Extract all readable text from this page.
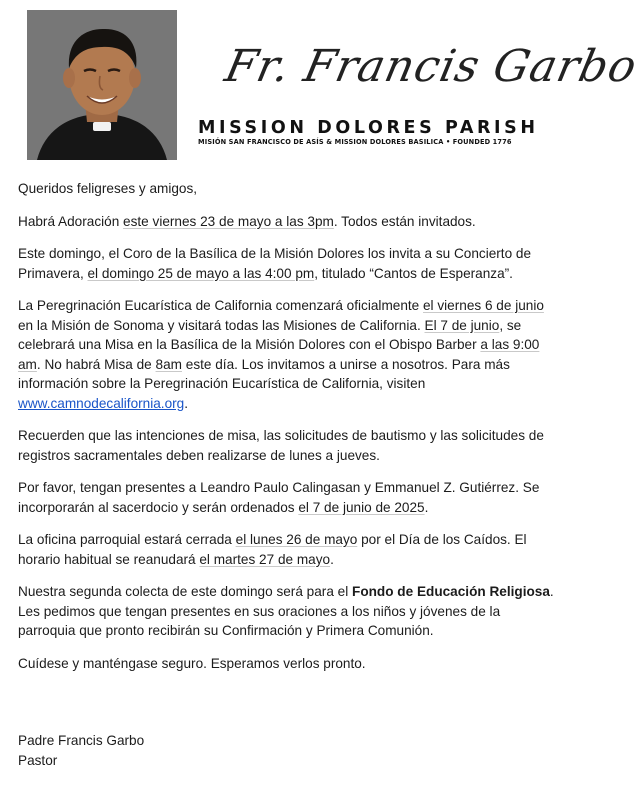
Fr. Francis Garbo
MISSION DOLORES PARISH
MISIÓN SAN FRANCISCO DE ASÍS & MISSION DOLORES BASILICA • FOUNDED 1776

Queridos feligreses y amigos,

Habrá Adoración este viernes 23 de mayo a las 3pm. Todos están invitados.

Este domingo, el Coro de la Basílica de la Misión Dolores los invita a su Concierto de Primavera, el domingo 25 de mayo a las 4:00 pm, titulado “Cantos de Esperanza”.

La Peregrinación Eucarística de California comenzará oficialmente el viernes 6 de junio en la Misión de Sonoma y visitará todas las Misiones de California. El 7 de junio, se celebrará una Misa en la Basílica de la Misión Dolores con el Obispo Barber a las 9:00 am. No habrá Misa de 8am este día. Los invitamos a unirse a nosotros. Para más información sobre la Peregrinación Eucarística de California, visiten www.camnodecalifornia.org.

Recuerden que las intenciones de misa, las solicitudes de bautismo y las solicitudes de registros sacramentales deben realizarse de lunes a jueves.

Por favor, tengan presentes a Leandro Paulo Calingasan y Emmanuel Z. Gutiérrez. Se incorporarán al sacerdocio y serán ordenados el 7 de junio de 2025.

La oficina parroquial estará cerrada el lunes 26 de mayo por el Día de los Caídos. El horario habitual se reanudará el martes 27 de mayo.

Nuestra segunda colecta de este domingo será para el Fondo de Educación Religiosa. Les pedimos que tengan presentes en sus oraciones a los niños y jóvenes de la parroquia que pronto recibirán su Confirmación y Primera Comunión.

Cuídese y manténgase seguro. Esperamos verlos pronto.

Padre Francis Garbo
Pastor
